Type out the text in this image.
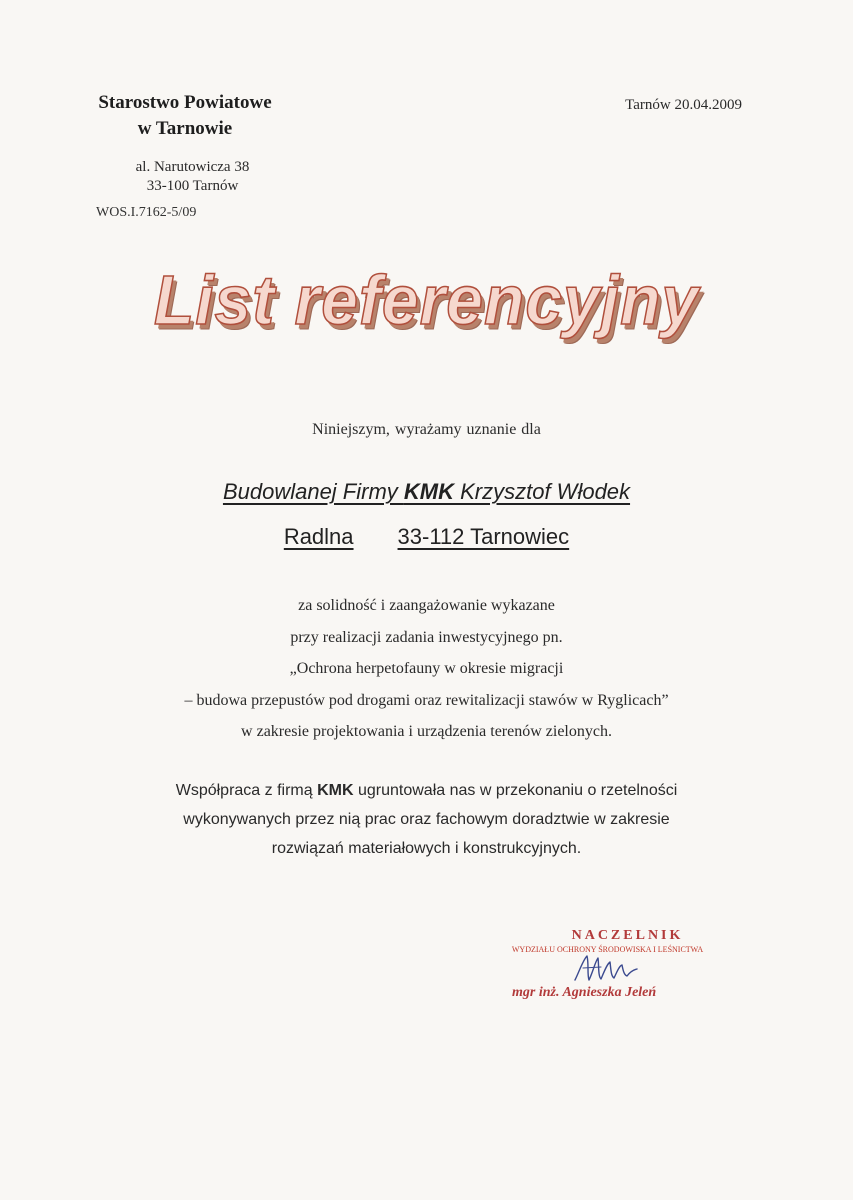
Starostwo Powiatowe
w Tarnowie
al. Narutowicza 38
33-100 Tarnów
WOS.I.7162-5/09
Tarnów 20.04.2009
List referencyjny
Niniejszym, wyrażamy uznanie dla
Budowlanej Firmy KMK Krzysztof Włodek
Radlna 33-112 Tarnowiec
za solidność i zaangażowanie wykazane
przy realizacji zadania inwestycyjnego pn.
„Ochrona herpetofauny w okresie migracji
– budowa przepustów pod drogami oraz rewitalizacji stawów w Ryglicach”
w zakresie projektowania i urządzenia terenów zielonych.
Współpraca z firmą KMK ugruntowała nas w przekonaniu o rzetelności
wykonywanych przez nią prac oraz fachowym doradztwie w zakresie
rozwiązań materiałowych i konstrukcyjnych.
NACZELNIK
WYDZIAŁU OCHRONY ŚRODOWISKA I LEŚNICTWA
mgr inż. Agnieszka Jeleń
